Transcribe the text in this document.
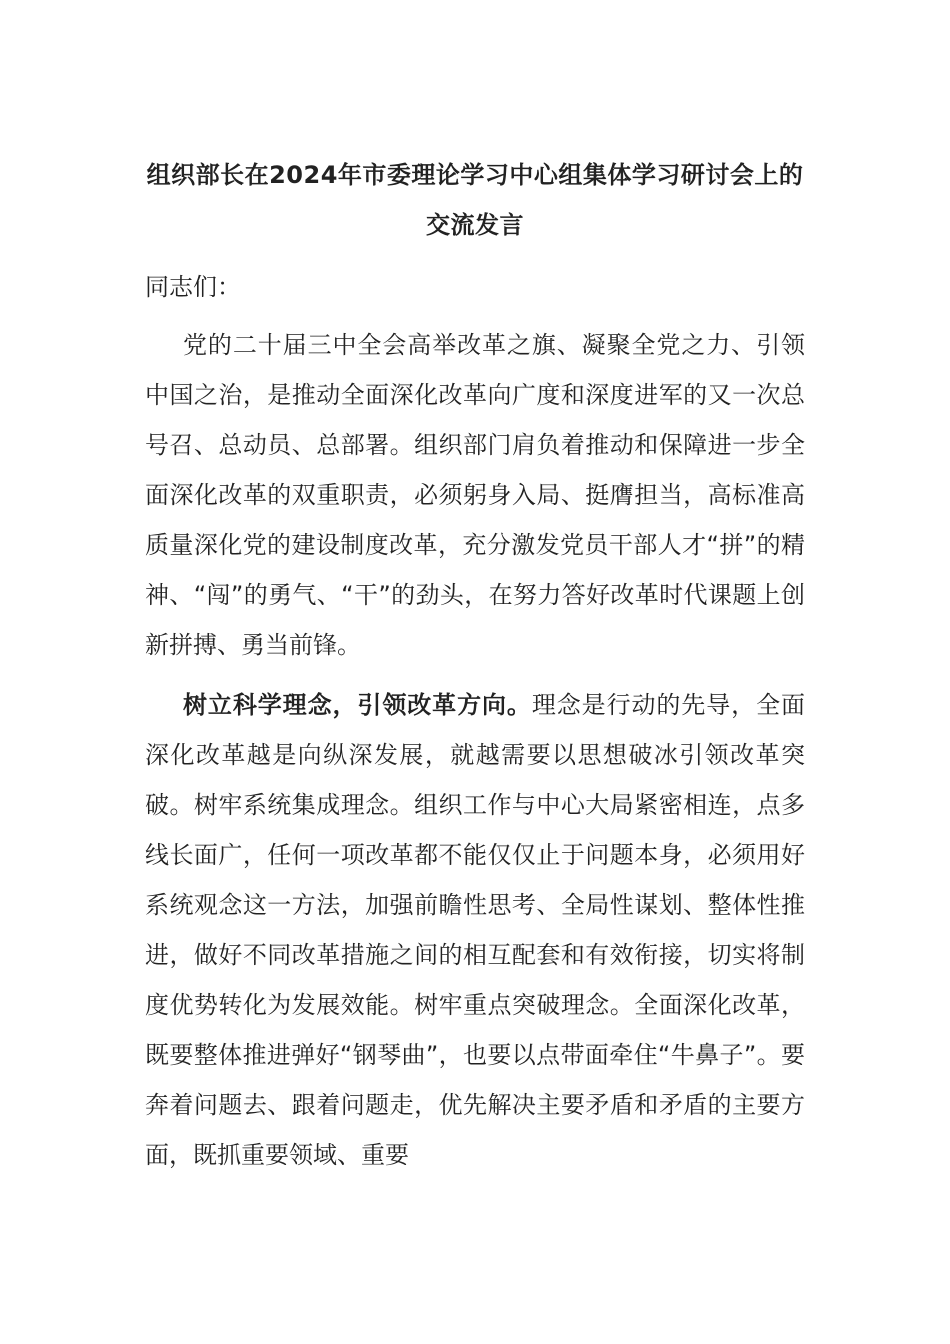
组织部长在2024年市委理论学习中心组集体学习研讨会上的交流发言

同志们：

党的二十届三中全会高举改革之旗、凝聚全党之力、引领中国之治，是推动全面深化改革向广度和深度进军的又一次总号召、总动员、总部署。组织部门肩负着推动和保障进一步全面深化改革的双重职责，必须躬身入局、挺膺担当，高标准高质量深化党的建设制度改革，充分激发党员干部人才“拼”的精神、“闯”的勇气、“干”的劲头，在努力答好改革时代课题上创新拼搏、勇当前锋。

树立科学理念，引领改革方向。理念是行动的先导，全面深化改革越是向纵深发展，就越需要以思想破冰引领改革突破。树牢系统集成理念。组织工作与中心大局紧密相连，点多线长面广，任何一项改革都不能仅仅止于问题本身，必须用好系统观念这一方法，加强前瞻性思考、全局性谋划、整体性推进，做好不同改革措施之间的相互配套和有效衔接，切实将制度优势转化为发展效能。树牢重点突破理念。全面深化改革，既要整体推进弹好“钢琴曲”，也要以点带面牵住“牛鼻子”。要奔着问题去、跟着问题走，优先解决主要矛盾和矛盾的主要方面，既抓重要领域、重要
